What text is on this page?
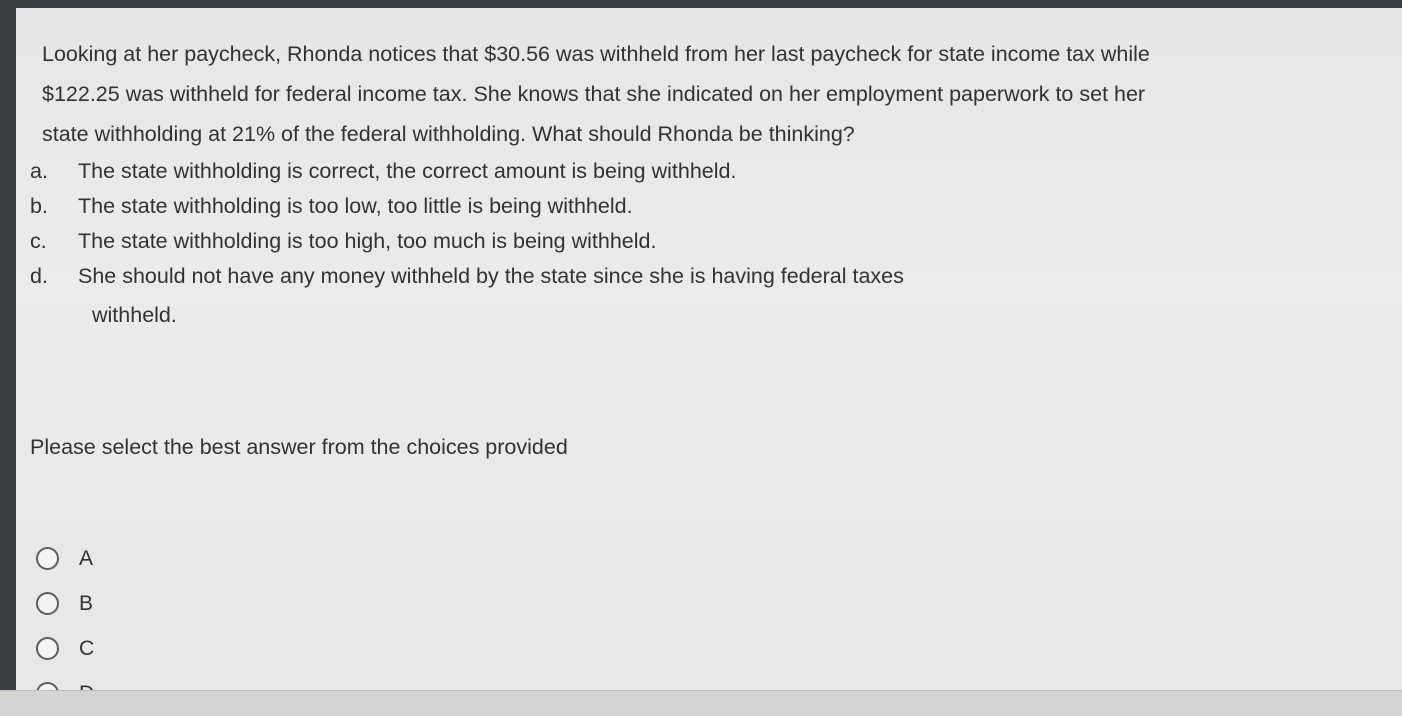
Looking at her paycheck, Rhonda notices that $30.56 was withheld from her last paycheck for state income tax while
$122.25 was withheld for federal income tax. She knows that she indicated on her employment paperwork to set her
state withholding at 21% of the federal withholding. What should Rhonda be thinking?
a. The state withholding is correct, the correct amount is being withheld.
b. The state withholding is too low, too little is being withheld.
c. The state withholding is too high, too much is being withheld.
d. She should not have any money withheld by the state since she is having federal taxes
withheld.
Please select the best answer from the choices provided
A
B
C
